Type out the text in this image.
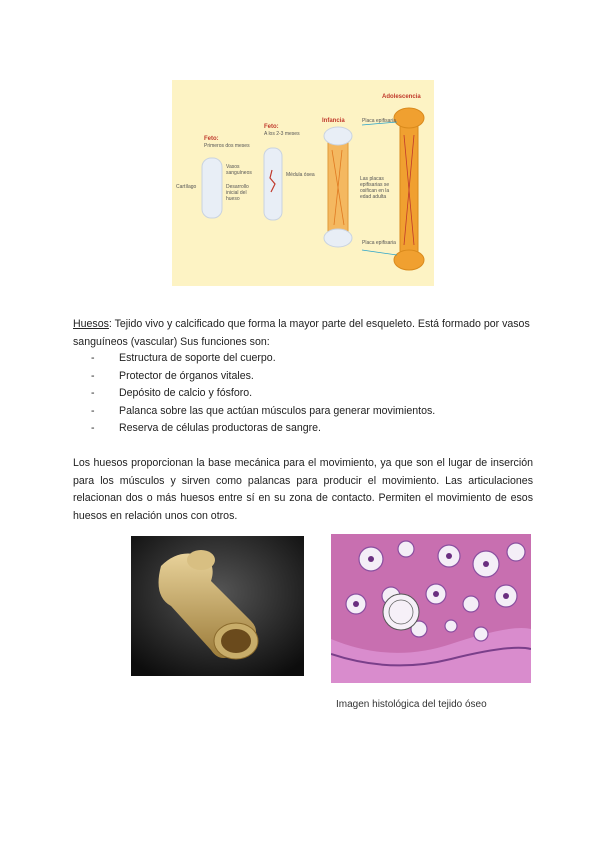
Feto:
Primeros dos meses
Feto:
A los 2-3 meses
Infancia
Adolescencia
Cartílago
Vasos sanguíneos
Desarrollo inicial del hueso
Médula ósea
Placa epifisaria
Las placas epifisarias se osifican en la edad adulta
Placa epifisaria
Huesos: Tejido vivo y calcificado que forma la mayor parte del esqueleto. Está formado por vasos sanguíneos (vascular) Sus funciones son:
- Estructura de soporte del cuerpo.
- Protector de órganos vitales.
- Depósito de calcio y fósforo.
- Palanca sobre las que actúan músculos para generar movimientos.
- Reserva de células productoras de sangre.
Los huesos proporcionan la base mecánica para el movimiento, ya que son el lugar de inserción para los músculos y sirven como palancas para producir el movimiento. Las articulaciones relacionan dos o más huesos entre sí en su zona de contacto. Permiten el movimiento de esos huesos en relación unos con otros.
Imagen histológica del tejido óseo
